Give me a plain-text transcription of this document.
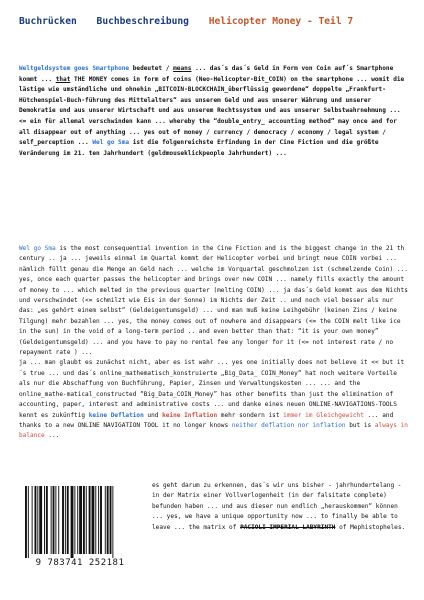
Buchrücken Buchbeschreibung Helicopter Money - Teil 7
Weltgeldsystem goes Smartphone bedeutet / means ... das´s das´s Geld in Form von Coin auf´s Smartphone kommt ... that THE MONEY comes in form of coins (Neo-Helicopter-Bit_COIN) on the smartphone ... womit die lästige wie umständliche und ohnehin „BITCOIN-BLOCKCHAIN_überflüssig gewordene“ doppelte „Frankfurt-Hütchenspiel-Buch-führung des Mittelalters“ aus unserem Geld und aus unserer Währung und unserer Demokratie und aus unserer Wirtschaft und aus unserem Rechtssystem und aus unserer Selbstwahrnehmung ... <= ein für allemal verschwinden kann ... whereby the “double_entry_ accounting method” may once and for all disappear out of anything ... yes out of money / currency / democracy / economy / legal system / self_perception ... Wel go Sma ist die folgenreichste Erfindung in der Cine Fiction und die größte Veränderung im 21. ten Jahrhundert (geldmouseklickpeople Jahrhundert) ...
Wel go Sma is the most consequential invention in the Cine Fiction and is the biggest change in the 21 th century .. ja ... jeweils einmal im Quartal kommt der Helicopter vorbei und bringt neue COIN vorbei ... nämlich füllt genau die Menge an Geld nach ... welche im Vorquartal geschmolzen ist (schmelzende Coin) ... yes, once each quarter passes the helicopter and brings over new COIN ... namely fills exactly the amount of money to ... which melted in the previous quarter (melting COIN) ... ja das´s Geld kommt aus dem Nichts und verschwindet (<= schmilzt wie Eis in der Sonne) im Nichts der Zeit .. und noch viel besser als nur das: „es gehört einem selbst“ (Geldeigentumsgeld) ... und man muß keine Leihgebühr (keinen Zins / keine Tilgung) mehr bezahlen ... yes, the money comes out of nowhere and disappears (<= the COIN melt like ice in the sun) in the void of a long-term period .. and even better than that: “it is your own money” (Geldeigentumsgeld) ... and you have to pay no rental fee any longer for it (<= not interest rate / no repayment rate ) ...
ja ... man glaubt es zunächst nicht, aber es ist wahr ... yes one initially does not believe it << but it´s true ... und das´s online_mathematisch_konstruierte „Big_Data_ COIN_Money“ hat noch weitere Vorteile als nur die Abschaffung von Buchführung, Papier, Zinsen und Verwaltungskosten ... ... and the online_mathe-matical_constructed “Big_Data_COIN_Money” has other benefits than just the elimination of accounting, paper, interest and administrative costs ... und danke eines neuen ONLINE-NAVIGATIONS-TOOLS kennt es zukünftig keine Deflation und keine Inflation mehr sondern ist immer im Gleichgewicht ... and thanks to a new ONLINE NAVIGATION TOOL it no longer knows neither deflation nor inflation but is always in balance ...
9 783741 252181
es geht darum zu erkennen, das´s wir uns bisher - jahrhundertelang - in der Matrix einer Vollverlogenheit (in der falsitate complete) befunden haben ... und aus dieser nun endlich „herauskommen“ können ... yes, we have a unique opportunity now ... to finally be able to leave ... the matrix of PACIOLI IMPERIAL LABYRINTH of Mephistopheles.
